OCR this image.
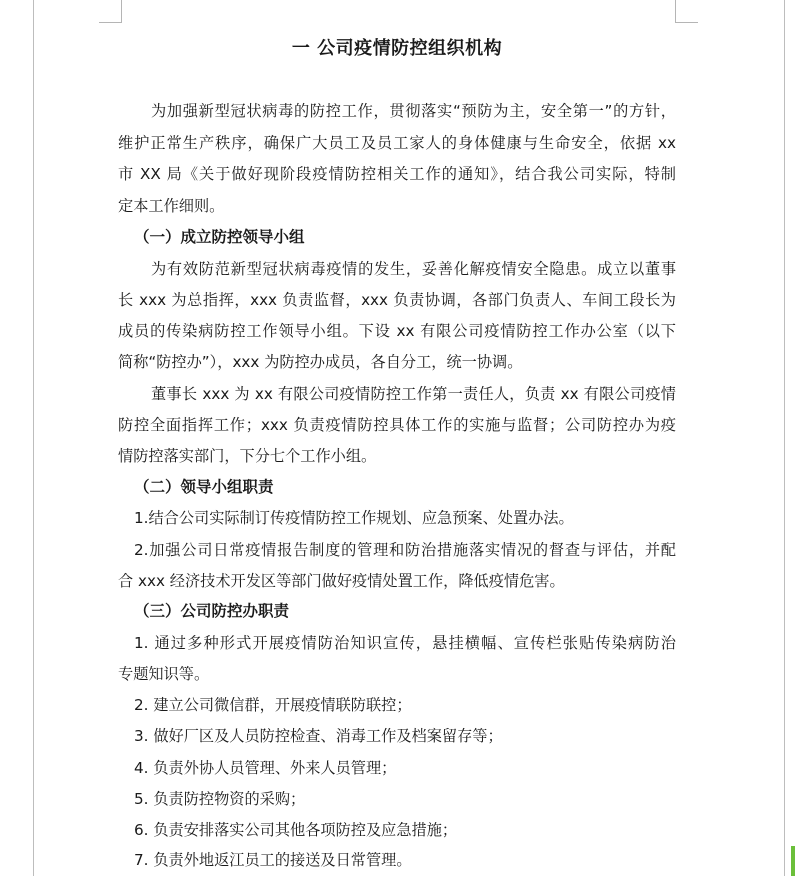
一 公司疫情防控组织机构
为加强新型冠状病毒的防控工作，贯彻落实“预防为主，安全第一”的方针，
维护正常生产秩序，确保广大员工及员工家人的身体健康与生命安全，依据 xx
市 XX 局《关于做好现阶段疫情防控相关工作的通知》，结合我公司实际，特制
定本工作细则。
（一）成立防控领导小组
为有效防范新型冠状病毒疫情的发生，妥善化解疫情安全隐患。成立以董事
长 xxx 为总指挥，xxx 负责监督，xxx 负责协调，各部门负责人、车间工段长为
成员的传染病防控工作领导小组。下设 xx 有限公司疫情防控工作办公室（以下
简称“防控办”），xxx 为防控办成员，各自分工，统一协调。
董事长 xxx 为 xx 有限公司疫情防控工作第一责任人，负责 xx 有限公司疫情
防控全面指挥工作；xxx 负责疫情防控具体工作的实施与监督；公司防控办为疫
情防控落实部门，下分七个工作小组。
（二）领导小组职责
1.结合公司实际制订传疫情防控工作规划、应急预案、处置办法。
2.加强公司日常疫情报告制度的管理和防治措施落实情况的督查与评估，并配
合 xxx 经济技术开发区等部门做好疫情处置工作，降低疫情危害。
（三）公司防控办职责
1. 通过多种形式开展疫情防治知识宣传，悬挂横幅、宣传栏张贴传染病防治
专题知识等。
2. 建立公司微信群，开展疫情联防联控；
3. 做好厂区及人员防控检查、消毒工作及档案留存等；
4. 负责外协人员管理、外来人员管理；
5. 负责防控物资的采购；
6. 负责安排落实公司其他各项防控及应急措施；
7. 负责外地返江员工的接送及日常管理。
